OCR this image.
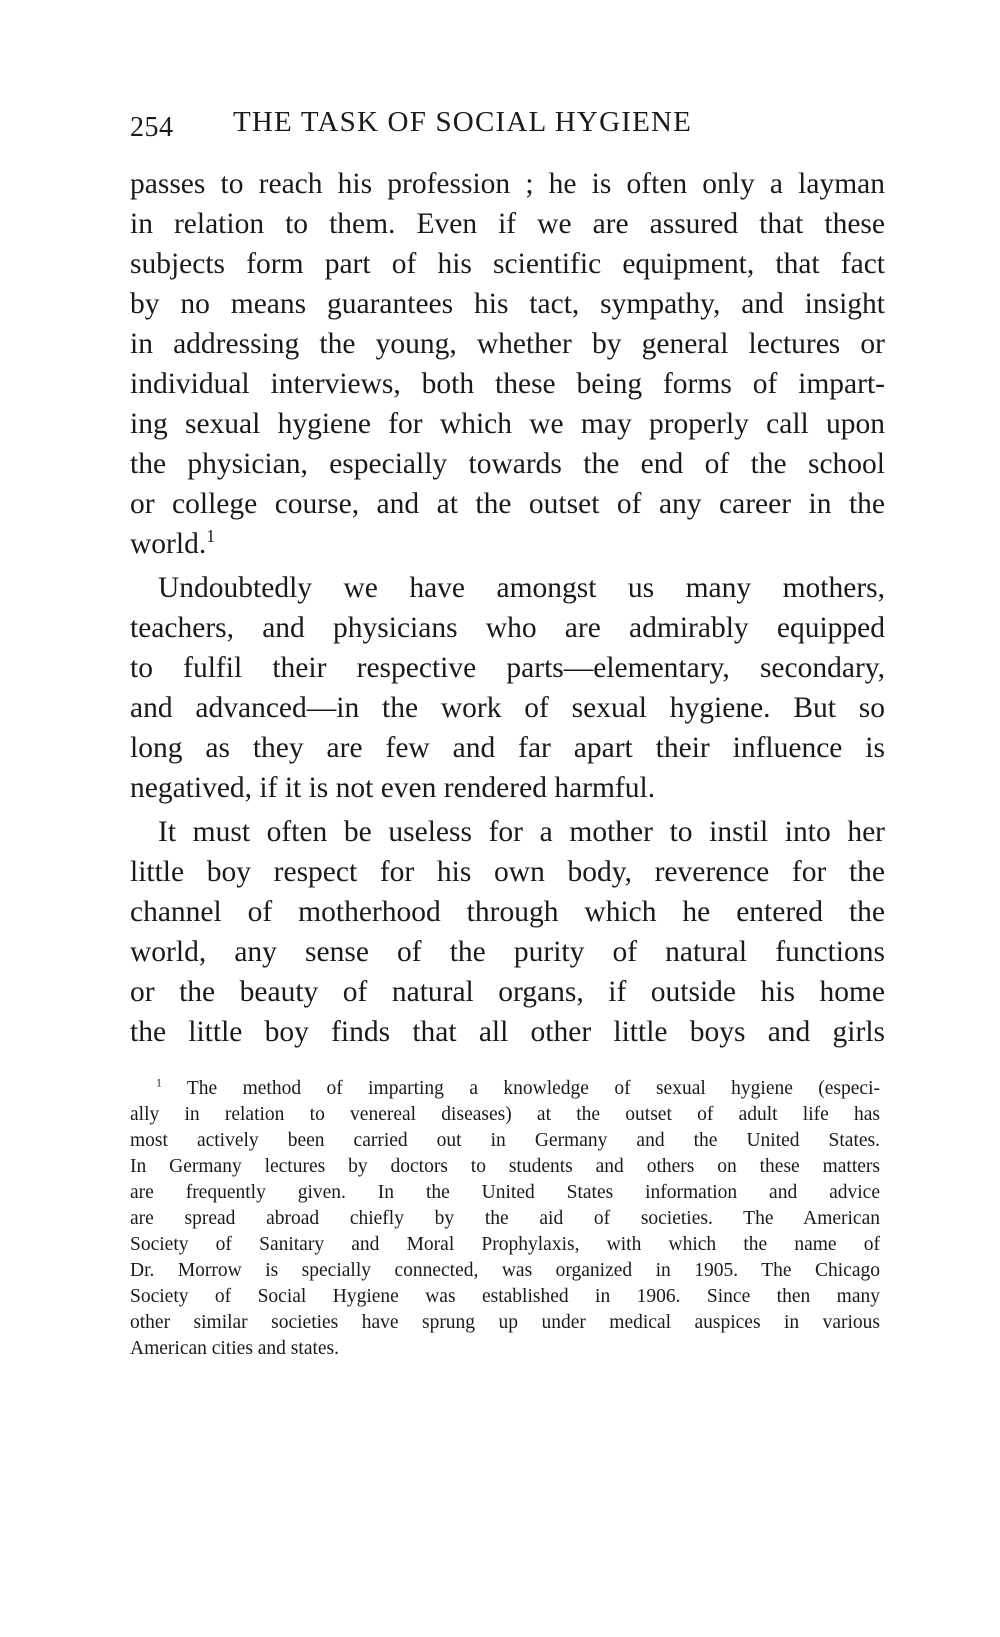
254 THE TASK OF SOCIAL HYGIENE
passes to reach his profession ; he is often only a layman
in relation to them. Even if we are assured that these
subjects form part of his scientific equipment, that fact
by no means guarantees his tact, sympathy, and insight
in addressing the young, whether by general lectures or
individual interviews, both these being forms of impart-
ing sexual hygiene for which we may properly call upon
the physician, especially towards the end of the school
or college course, and at the outset of any career in the
world.$^1$
Undoubtedly we have amongst us many mothers,
teachers, and physicians who are admirably equipped
to fulfil their respective parts—elementary, secondary,
and advanced—in the work of sexual hygiene. But so
long as they are few and far apart their influence is
negatived, if it is not even rendered harmful.
It must often be useless for a mother to instil into her
little boy respect for his own body, reverence for the
channel of motherhood through which he entered the
world, any sense of the purity of natural functions
or the beauty of natural organs, if outside his home
the little boy finds that all other little boys and girls
$^1$ The method of imparting a knowledge of sexual hygiene (especi-
ally in relation to venereal diseases) at the outset of adult life has
most actively been carried out in Germany and the United States.
In Germany lectures by doctors to students and others on these matters
are frequently given. In the United States information and advice
are spread abroad chiefly by the aid of societies. The American
Society of Sanitary and Moral Prophylaxis, with which the name of
Dr. Morrow is specially connected, was organized in 1905. The Chicago
Society of Social Hygiene was established in 1906. Since then many
other similar societies have sprung up under medical auspices in various
American cities and states.
